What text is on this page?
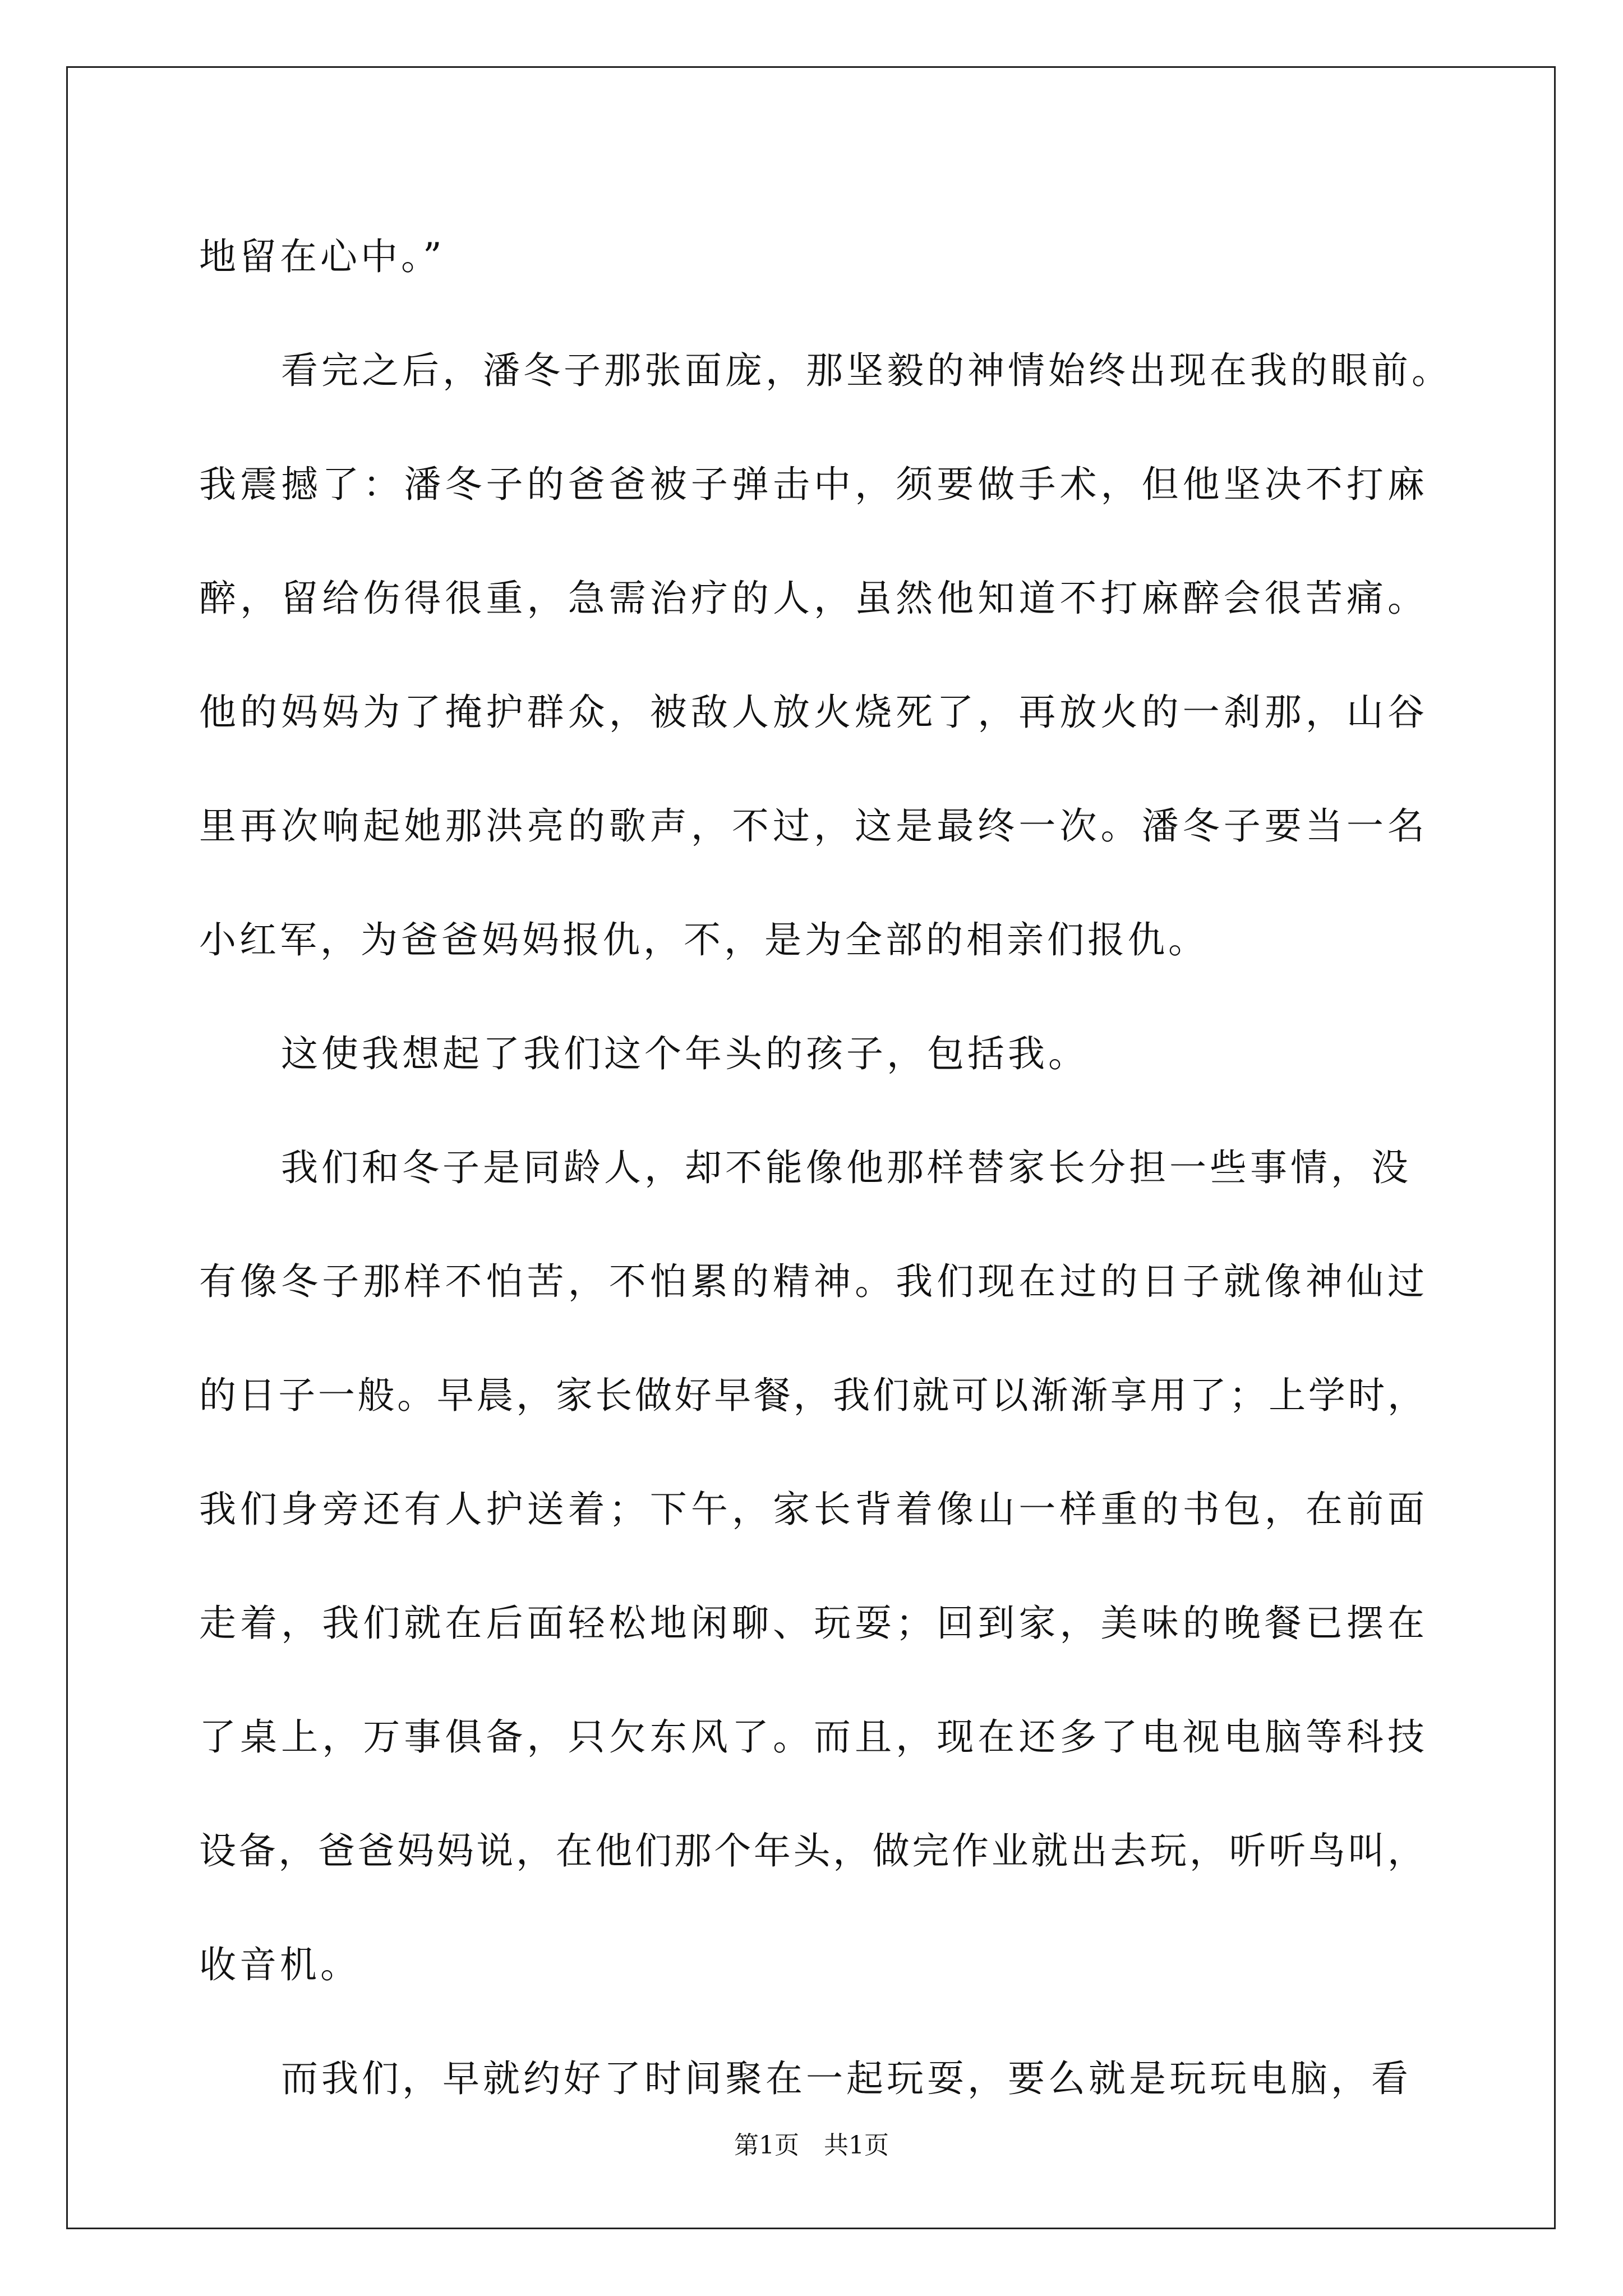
地留在心中。”
看完之后，潘冬子那张面庞，那坚毅的神情始终出现在我的眼前。
我震撼了：潘冬子的爸爸被子弹击中，须要做手术，但他坚决不打麻
醉，留给伤得很重，急需治疗的人，虽然他知道不打麻醉会很苦痛。
他的妈妈为了掩护群众，被敌人放火烧死了，再放火的一刹那，山谷
里再次响起她那洪亮的歌声，不过，这是最终一次。潘冬子要当一名
小红军，为爸爸妈妈报仇，不，是为全部的相亲们报仇。
这使我想起了我们这个年头的孩子，包括我。
我们和冬子是同龄人，却不能像他那样替家长分担一些事情，没
有像冬子那样不怕苦，不怕累的精神。我们现在过的日子就像神仙过
的日子一般。早晨，家长做好早餐，我们就可以渐渐享用了；上学时，
我们身旁还有人护送着；下午，家长背着像山一样重的书包，在前面
走着，我们就在后面轻松地闲聊、玩耍；回到家，美味的晚餐已摆在
了桌上，万事俱备，只欠东风了。而且，现在还多了电视电脑等科技
设备，爸爸妈妈说，在他们那个年头，做完作业就出去玩，听听鸟叫，
收音机。
而我们，早就约好了时间聚在一起玩耍，要么就是玩玩电脑，看
第1页　共1页
